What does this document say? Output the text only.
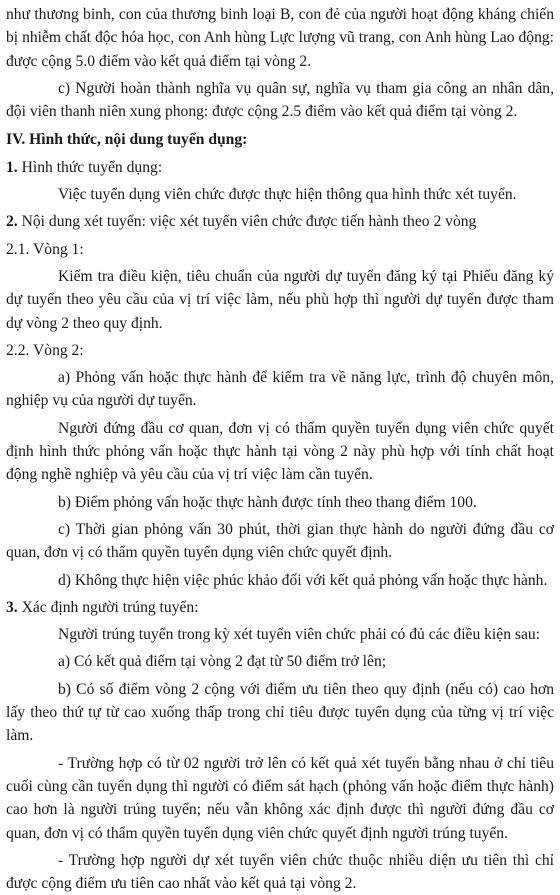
như thương binh, con của thương binh loại B, con đẻ của người hoạt động kháng chiến bị nhiễm chất độc hóa học, con Anh hùng Lực lượng vũ trang, con Anh hùng Lao động: được cộng 5.0 điểm vào kết quả điểm tại vòng 2.

c) Người hoàn thành nghĩa vụ quân sự, nghĩa vụ tham gia công an nhân dân, đội viên thanh niên xung phong: được cộng 2.5 điểm vào kết quả điểm tại vòng 2.

IV. Hình thức, nội dung tuyển dụng:

1. Hình thức tuyển dụng:

Việc tuyển dụng viên chức được thực hiện thông qua hình thức xét tuyển.

2. Nội dung xét tuyển: việc xét tuyển viên chức được tiến hành theo 2 vòng

2.1. Vòng 1:

Kiểm tra điều kiện, tiêu chuẩn của người dự tuyển đăng ký tại Phiếu đăng ký dự tuyển theo yêu cầu của vị trí việc làm, nếu phù hợp thì người dự tuyển được tham dự vòng 2 theo quy định.

2.2. Vòng 2:

a) Phỏng vấn hoặc thực hành để kiểm tra về năng lực, trình độ chuyên môn, nghiệp vụ của người dự tuyển.

Người đứng đầu cơ quan, đơn vị có thẩm quyền tuyển dụng viên chức quyết định hình thức phỏng vấn hoặc thực hành tại vòng 2 này phù hợp với tính chất hoạt động nghề nghiệp và yêu cầu của vị trí việc làm cần tuyển.

b) Điểm phỏng vấn hoặc thực hành được tính theo thang điểm 100.

c) Thời gian phỏng vấn 30 phút, thời gian thực hành do người đứng đầu cơ quan, đơn vị có thẩm quyền tuyển dụng viên chức quyết định.

d) Không thực hiện việc phúc khảo đối với kết quả phỏng vấn hoặc thực hành.

3. Xác định người trúng tuyển:

Người trúng tuyển trong kỳ xét tuyển viên chức phải có đủ các điều kiện sau:

a) Có kết quả điểm tại vòng 2 đạt từ 50 điểm trở lên;

b) Có số điểm vòng 2 cộng với điểm ưu tiên theo quy định (nếu có) cao hơn lấy theo thứ tự từ cao xuống thấp trong chỉ tiêu được tuyển dụng của từng vị trí việc làm.

- Trường hợp có từ 02 người trở lên có kết quả xét tuyển bằng nhau ở chỉ tiêu cuối cùng cần tuyển dụng thì người có điểm sát hạch (phỏng vấn hoặc điểm thực hành) cao hơn là người trúng tuyển; nếu vẫn không xác định được thì người đứng đầu cơ quan, đơn vị có thẩm quyền tuyển dụng viên chức quyết định người trúng tuyển.

- Trường hợp người dự xét tuyển viên chức thuộc nhiều diện ưu tiên thì chỉ được cộng điểm ưu tiên cao nhất vào kết quả tại vòng 2.
